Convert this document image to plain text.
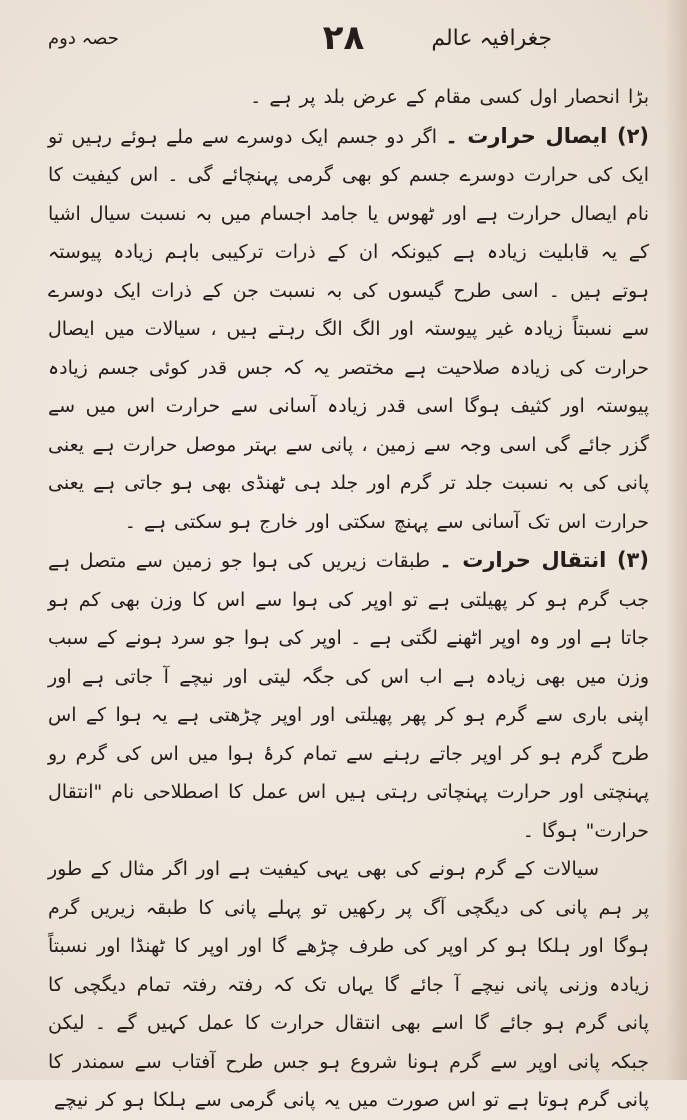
جغرافیہ عالم
۲۸
حصہ دوم

بڑا انحصار اول کسی مقام کے عرض بلد پر ہے ۔

(۲) ایصال حرارت ۔ اگر دو جسم ایک دوسرے سے ملے ہوئے رہیں تو ایک کی حرارت دوسرے جسم کو بھی گرمی پہنچائے گی ۔ اس کیفیت کا نام ایصال حرارت ہے اور ٹھوس یا جامد اجسام میں بہ نسبت سیال اشیا کے یہ قابلیت زیادہ ہے کیونکہ ان کے ذرات ترکیبی باہم زیادہ پیوستہ ہوتے ہیں ۔ اسی طرح گیسوں کی بہ نسبت جن کے ذرات ایک دوسرے سے نسبتاً زیادہ غیر پیوستہ اور الگ الگ رہتے ہیں ، سیالات میں ایصال حرارت کی زیادہ صلاحیت ہے مختصر یہ کہ جس قدر کوئی جسم زیادہ پیوستہ اور کثیف ہوگا اسی قدر زیادہ آسانی سے حرارت اس میں سے گزر جائے گی اسی وجہ سے زمین ، پانی سے بہتر موصل حرارت ہے یعنی پانی کی بہ نسبت جلد تر گرم اور جلد ہی ٹھنڈی بھی ہو جاتی ہے یعنی حرارت اس تک آسانی سے پہنچ سکتی اور خارج ہو سکتی ہے ۔

(۳) انتقال حرارت ۔ طبقات زیریں کی ہوا جو زمین سے متصل ہے جب گرم ہو کر پھیلتی ہے تو اوپر کی ہوا سے اس کا وزن بھی کم ہو جاتا ہے اور وہ اوپر اٹھنے لگتی ہے ۔ اوپر کی ہوا جو سرد ہونے کے سبب وزن میں بھی زیادہ ہے اب اس کی جگہ لیتی اور نیچے آ جاتی ہے اور اپنی باری سے گرم ہو کر پھر پھیلتی اور اوپر چڑھتی ہے یہ ہوا کے اس طرح گرم ہو کر اوپر جاتے رہنے سے تمام کرۂ ہوا میں اس کی گرم رو پہنچتی اور حرارت پہنچاتی رہتی ہیں اس عمل کا اصطلاحی نام "انتقال حرارت" ہوگا ۔

سیالات کے گرم ہونے کی بھی یہی کیفیت ہے اور اگر مثال کے طور پر ہم پانی کی دیگچی آگ پر رکھیں تو پہلے پانی کا طبقہ زیریں گرم ہوگا اور ہلکا ہو کر اوپر کی طرف چڑھے گا اور اوپر کا ٹھنڈا اور نسبتاً زیادہ وزنی پانی نیچے آ جائے گا یہاں تک کہ رفتہ رفتہ تمام دیگچی کا پانی گرم ہو جائے گا اسے بھی انتقال حرارت کا عمل کہیں گے ۔ لیکن جبکہ پانی اوپر سے گرم ہونا شروع ہو جس طرح آفتاب سے سمندر کا پانی گرم ہوتا ہے تو اس صورت میں یہ پانی گرمی سے ہلکا ہو کر نیچے
